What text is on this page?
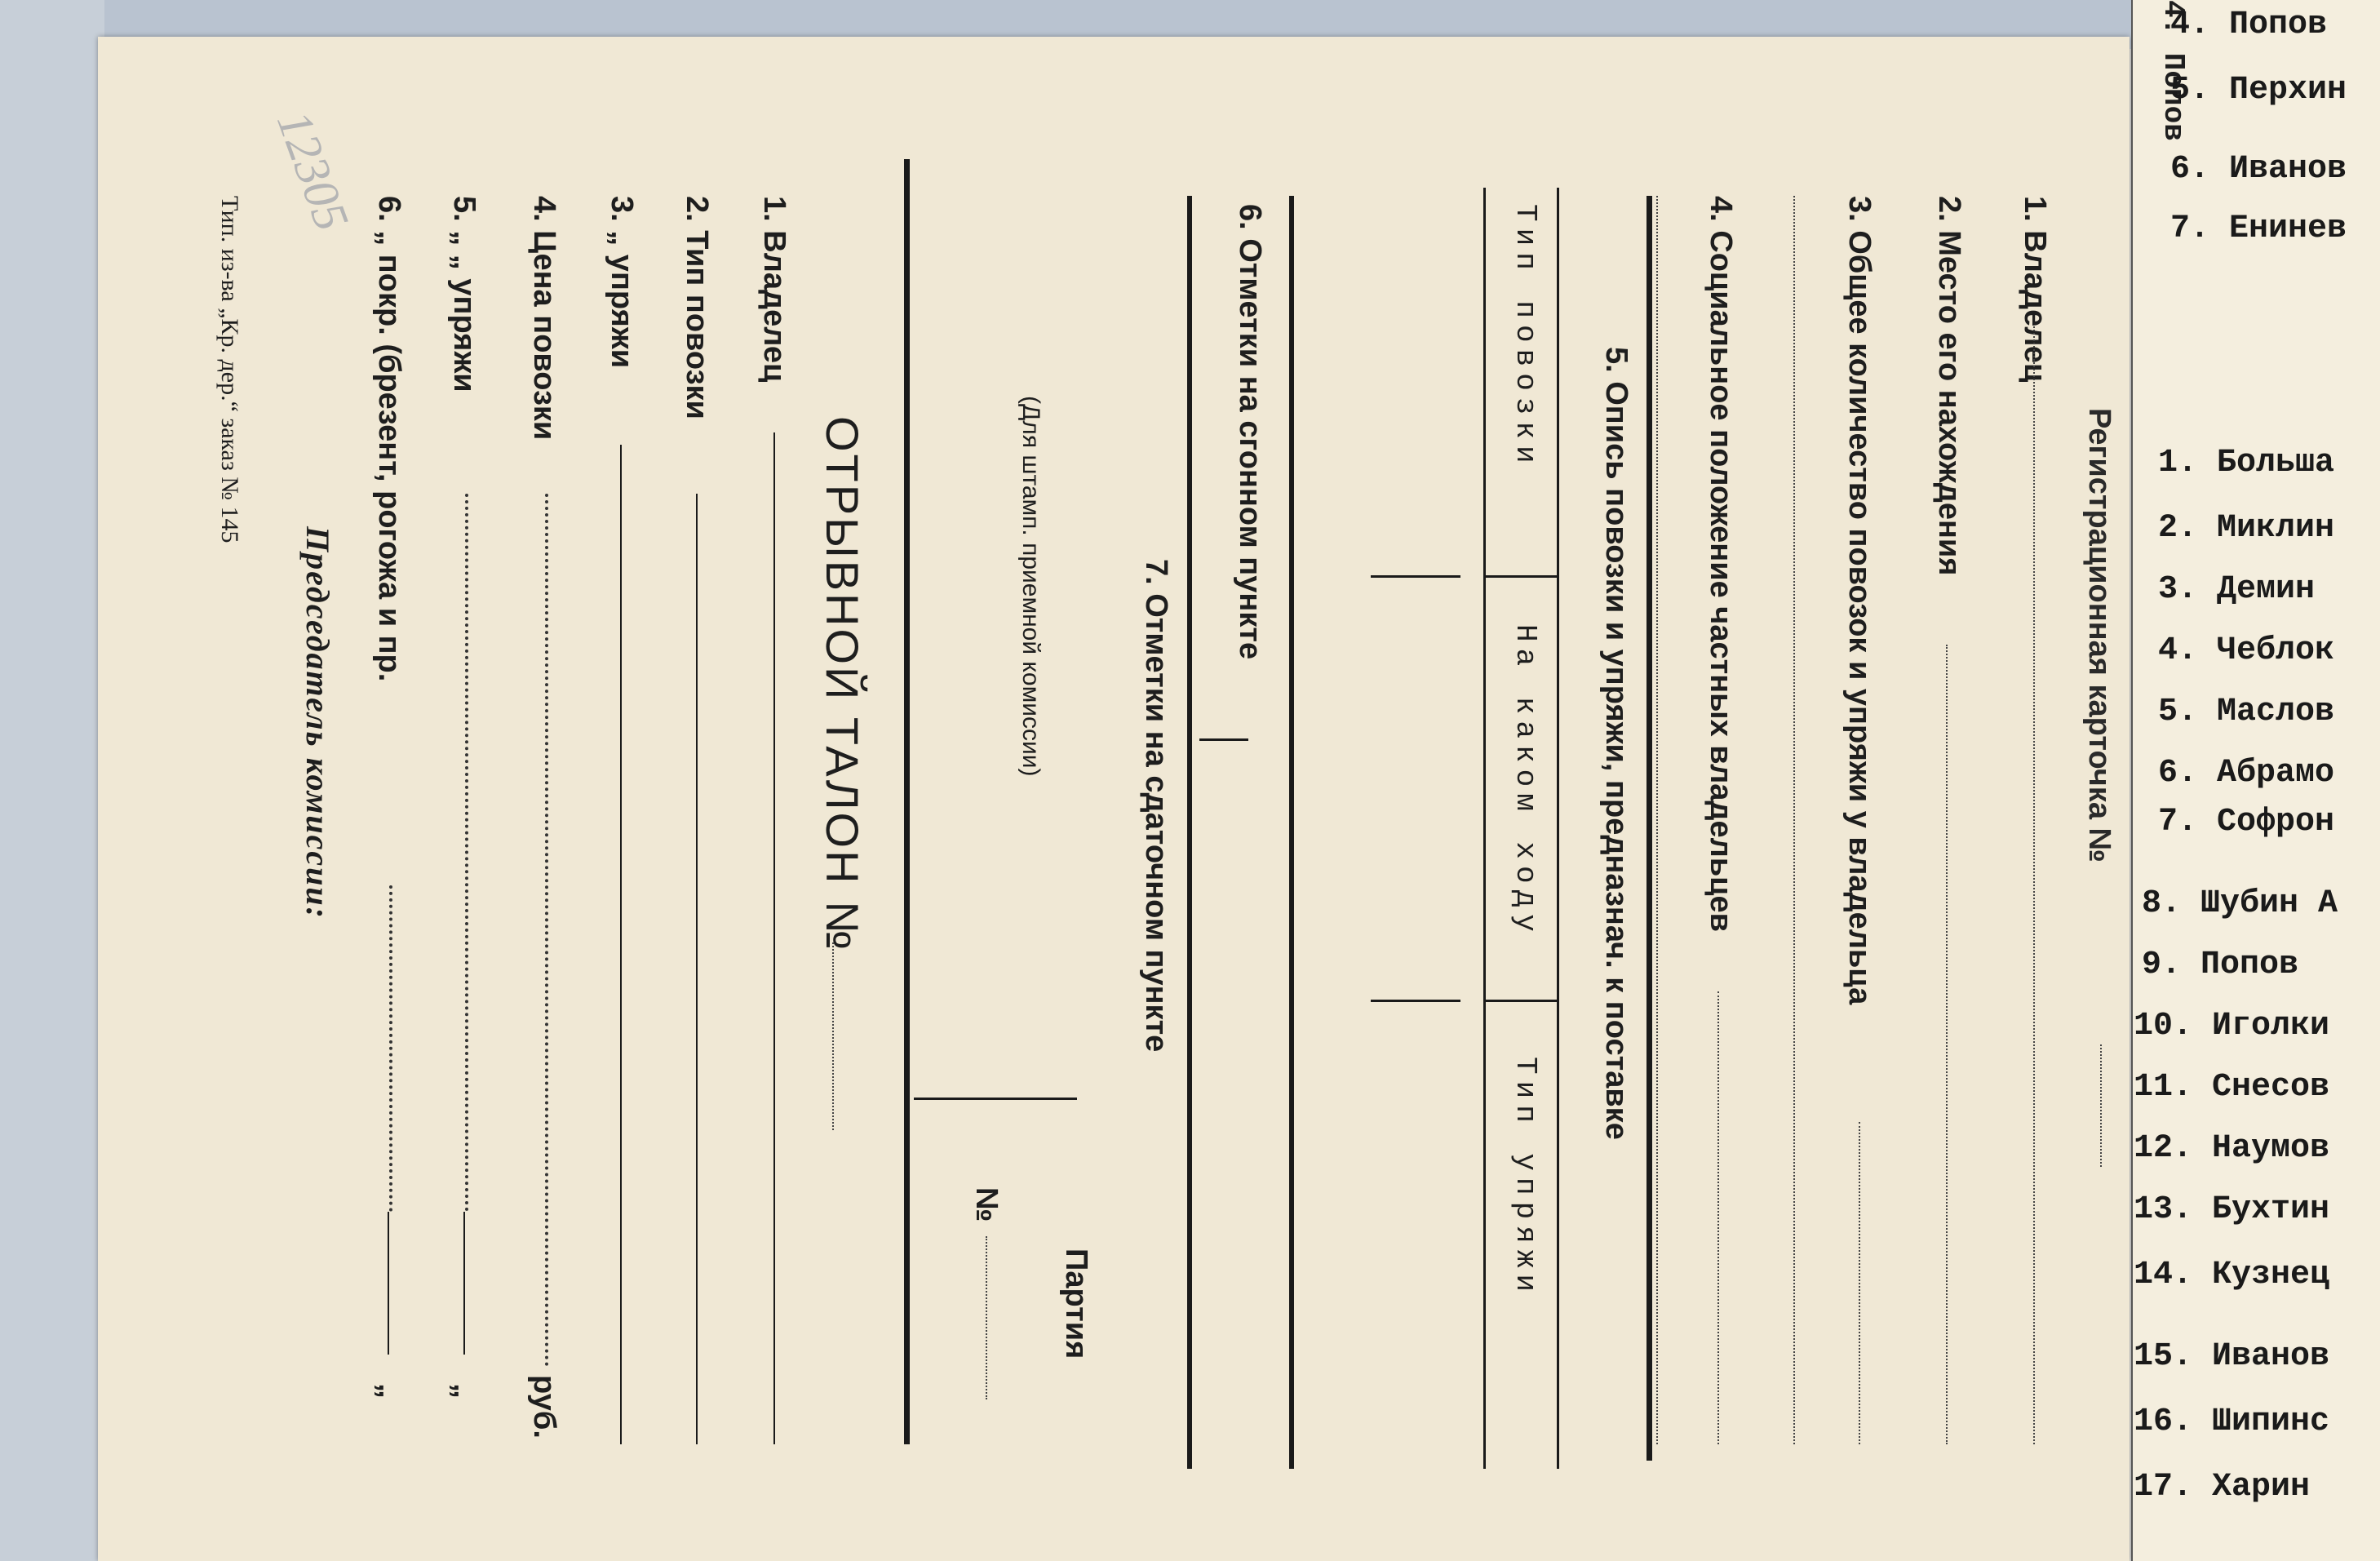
1. Владелец
2. Место его нахождения
3. Общее количество повозок и упряжи у владельца
4. Социальное положение частных владельцев
5. Опись повозки и упряжи, предназнач. к поставке
Тип повозки
На каком ходу
Тип упряжи
6. Отметки на сгонном пункте
7. Отметки на сдаточном пункте
(Для штамп. приемной комиссии)
Партия
№
ОТРЫВНОЙ ТАЛОН №
1. Владелец
2. Тип повозки
3. „ упряжи
4. Цена повозки
руб.
5. „ „ упряжи
„
6. „ покр. (брезент, рогожа и пр.
„
Председатель комиссии:
Тип. из-ва „Кр. дер.“ заказ № 145
12305
4. Попов
Регистрационная карточка №
4. Попов
5. Перхин
6. Иванов
7. Енинев
1. Больша
2. Миклин
3. Демин
4. Чеблок
5. Маслов
6. Абрамо
7. Софрон
8. Шубин А
9. Попов
10. Иголки
11. Снесов
12. Наумов
13. Бухтин
14. Кузнец
15. Иванов
16. Шипинс
17. Харин
